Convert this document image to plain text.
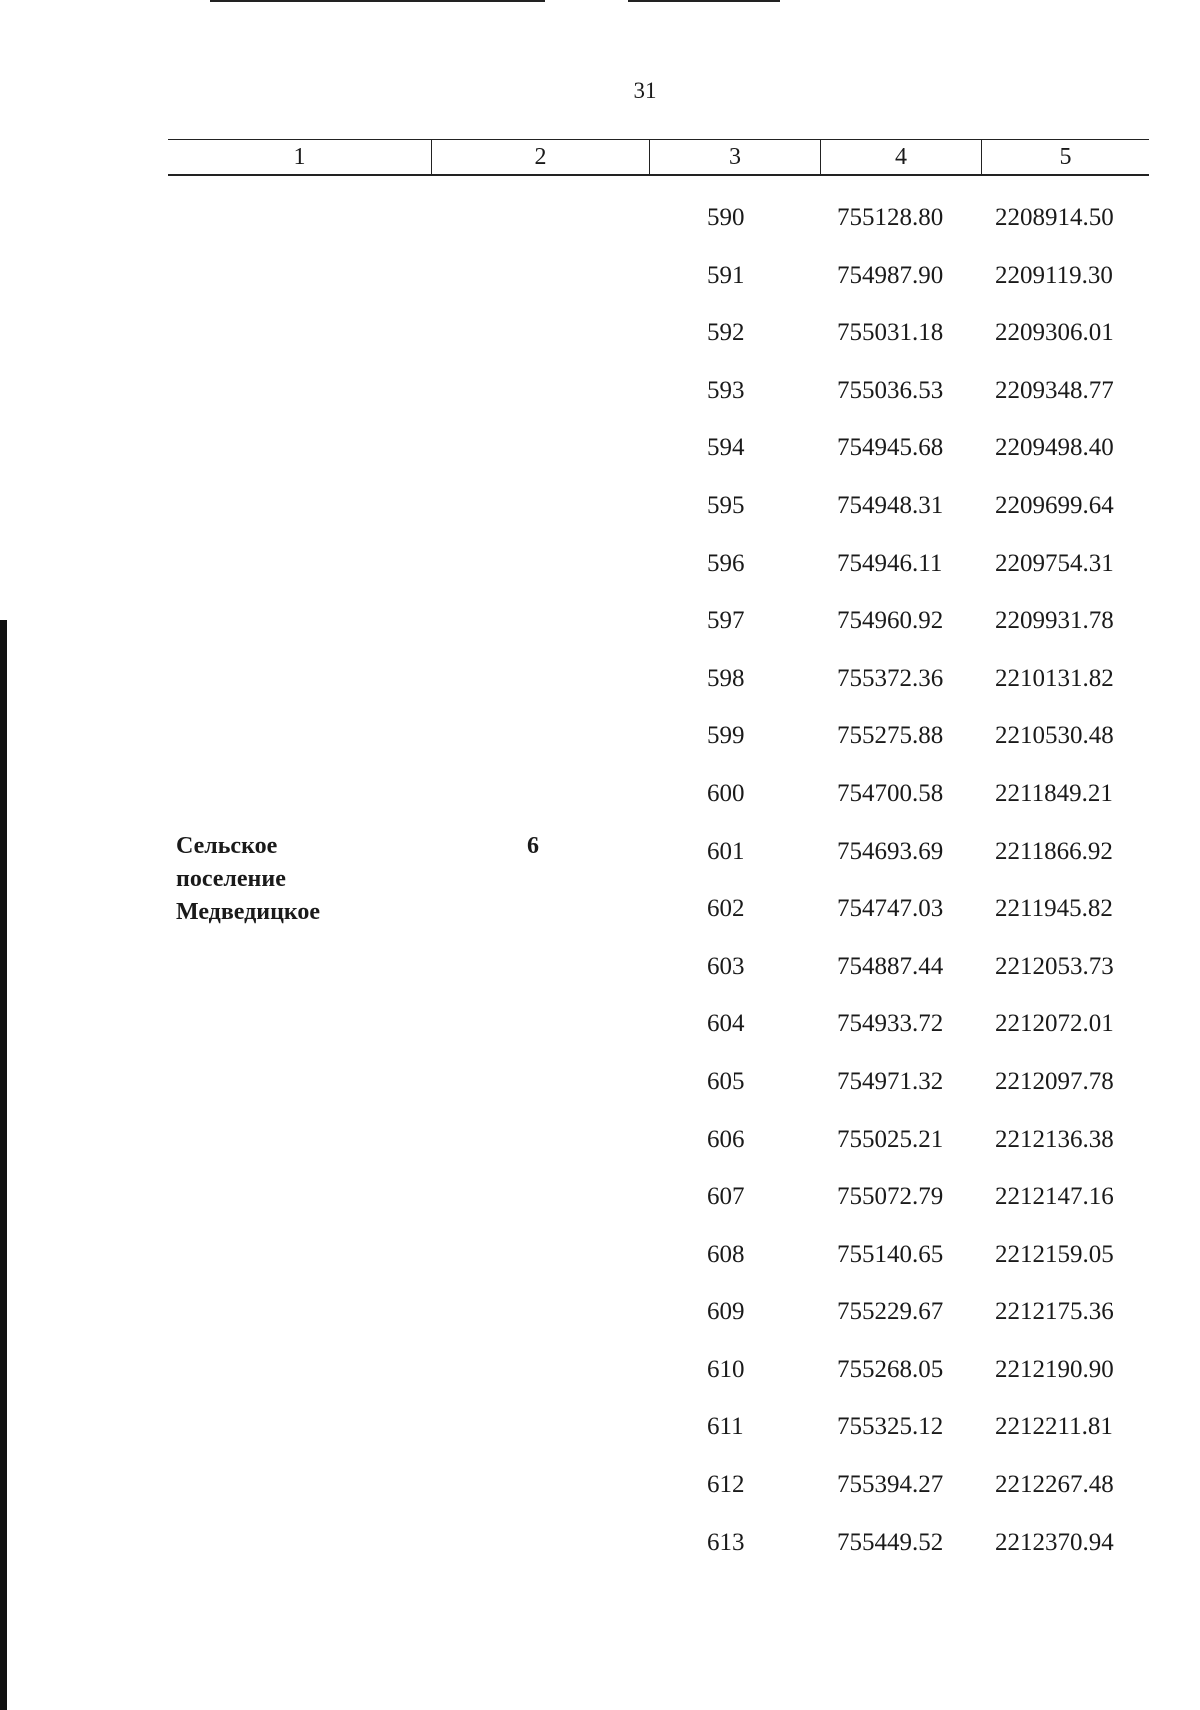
31
1	2	3	4	5
Сельское
поселение
Медведицкое
6
590	755128.80 2208914.50
591	754987.90 2209119.30
592	755031.18 2209306.01
593	755036.53 2209348.77
594	754945.68 2209498.40
595	754948.31 2209699.64
596	754946.11 2209754.31
597	754960.92 2209931.78
598	755372.36 2210131.82
599	755275.88 2210530.48
600	754700.58 2211849.21
601	754693.69 2211866.92
602	754747.03 2211945.82
603	754887.44 2212053.73
604	754933.72 2212072.01
605	754971.32 2212097.78
606	755025.21 2212136.38
607	755072.79 2212147.16
608	755140.65 2212159.05
609	755229.67 2212175.36
610	755268.05 2212190.90
611	755325.12 2212211.81
612	755394.27 2212267.48
613	755449.52 2212370.94
